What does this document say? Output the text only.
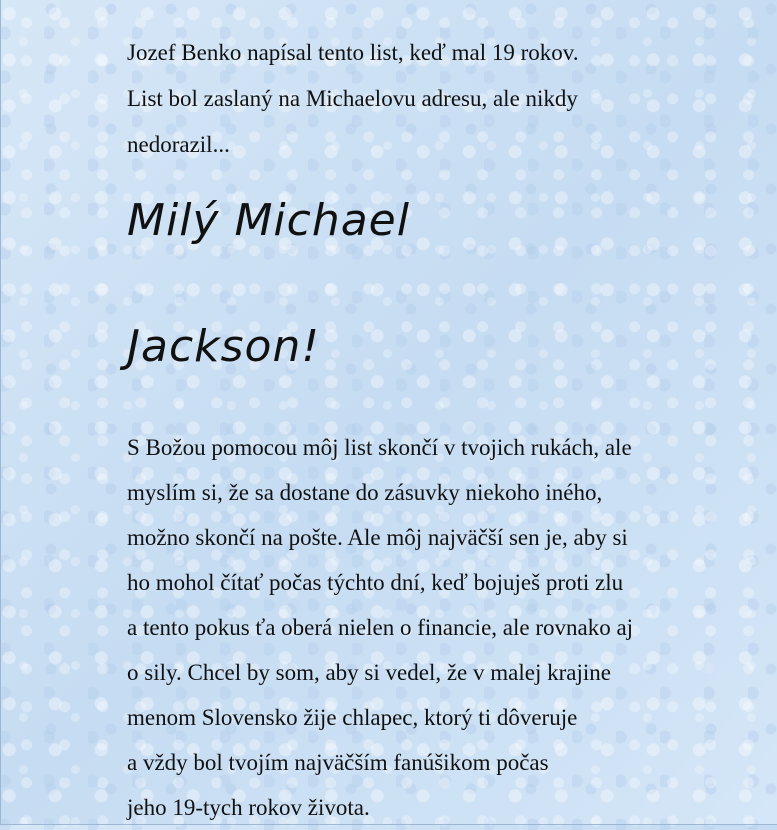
Jozef Benko napísal tento list, keď mal 19 rokov.

List bol zaslaný na Michaelovu adresu, ale nikdy

nedorazil...

Milý Michael
Jackson!

S Božou pomocou môj list skončí v tvojich rukách, ale

myslím si, že sa dostane do zásuvky niekoho iného,

možno skončí na pošte. Ale môj najväčší sen je, aby si

ho mohol čítať počas týchto dní, keď bojuješ proti zlu

a tento pokus ťa oberá nielen o financie, ale rovnako aj

o sily. Chcel by som, aby si vedel, že v malej krajine

menom Slovensko žije chlapec, ktorý ti dôveruje

a vždy bol tvojím najväčším fanúšikom počas

jeho 19-tych rokov života.
